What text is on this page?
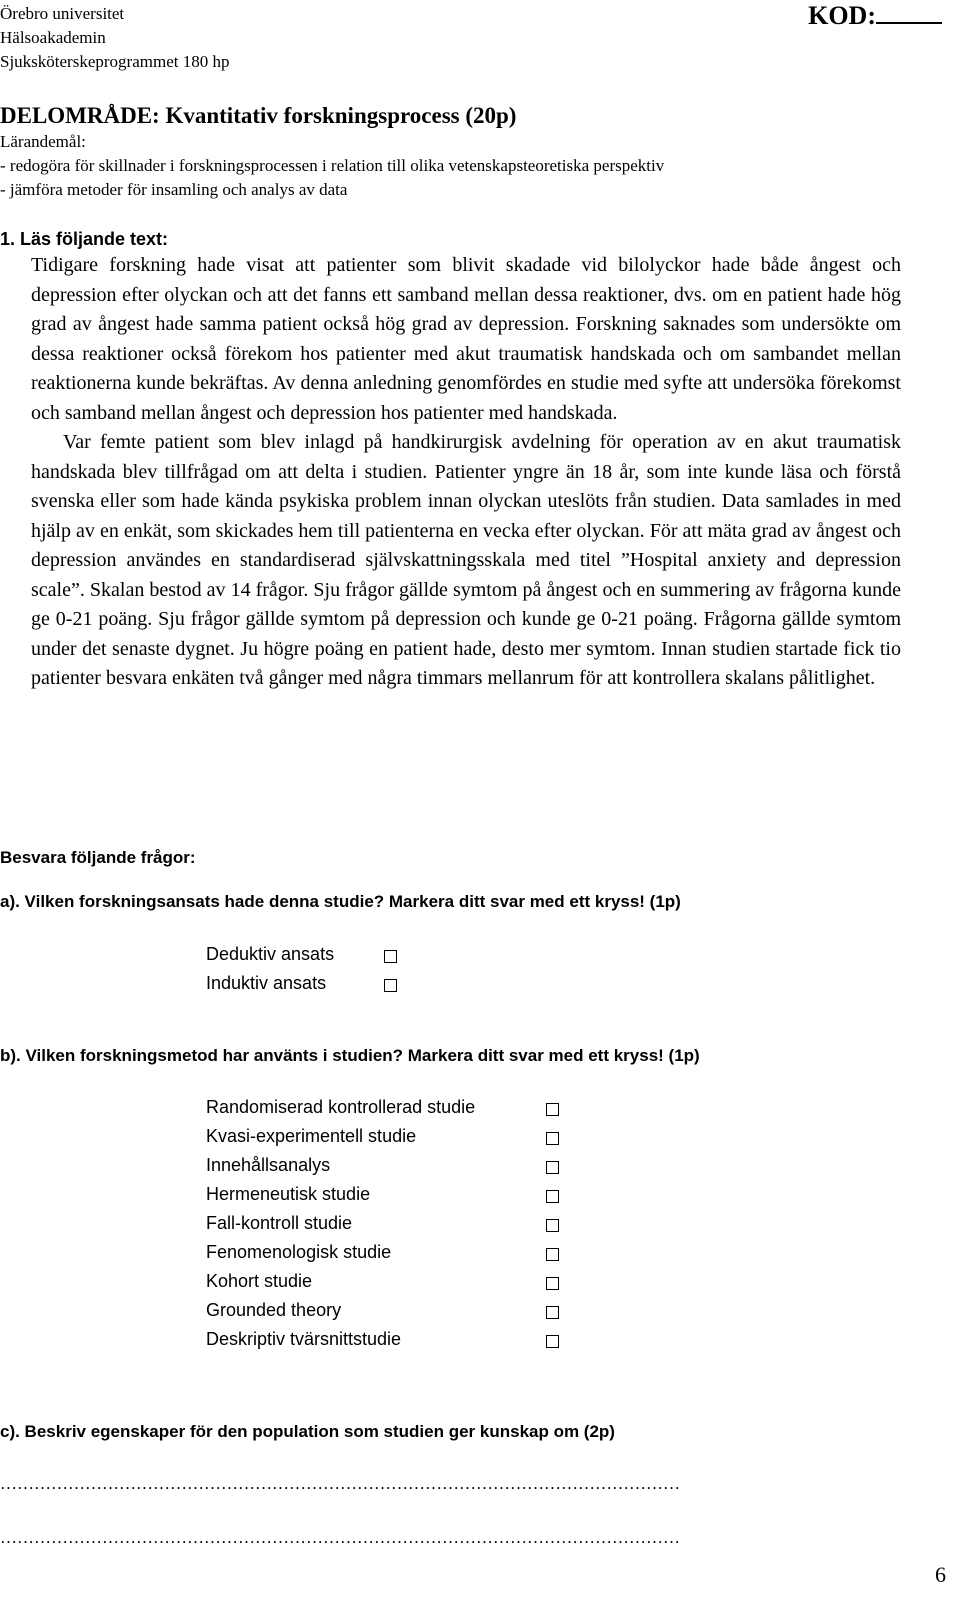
Örebro universitet
Hälsoakademin
Sjuksköterskeprogrammet 180 hp
KOD:
DELOMRÅDE: Kvantitativ forskningsprocess (20p)
Lärandemål:
- redogöra för skillnader i forskningsprocessen i relation till olika vetenskapsteoretiska perspektiv
- jämföra metoder för insamling och analys av data
1. Läs följande text:

Tidigare forskning hade visat att patienter som blivit skadade vid bilolyckor hade både ångest och depression efter olyckan och att det fanns ett samband mellan dessa reaktioner, dvs. om en patient hade hög grad av ångest hade samma patient också hög grad av depression. Forskning saknades som undersökte om dessa reaktioner också förekom hos patienter med akut traumatisk handskada och om sambandet mellan reaktionerna kunde bekräftas. Av denna anledning genomfördes en studie med syfte att undersöka förekomst och samband mellan ångest och depression hos patienter med handskada.

Var femte patient som blev inlagd på handkirurgisk avdelning för operation av en akut traumatisk handskada blev tillfrågad om att delta i studien. Patienter yngre än 18 år, som inte kunde läsa och förstå svenska eller som hade kända psykiska problem innan olyckan uteslöts från studien. Data samlades in med hjälp av en enkät, som skickades hem till patienterna en vecka efter olyckan. För att mäta grad av ångest och depression användes en standardiserad självskattningsskala med titel ”Hospital anxiety and depression scale”. Skalan bestod av 14 frågor. Sju frågor gällde symtom på ångest och en summering av frågorna kunde ge 0-21 poäng. Sju frågor gällde symtom på depression och kunde ge 0-21 poäng. Frågorna gällde symtom under det senaste dygnet. Ju högre poäng en patient hade, desto mer symtom. Innan studien startade fick tio patienter besvara enkäten två gånger med några timmars mellanrum för att kontrollera skalans pålitlighet.

Besvara följande frågor:
a). Vilken forskningsansats hade denna studie? Markera ditt svar med ett kryss! (1p)
Deduktiv ansats
Induktiv ansats
b). Vilken forskningsmetod har använts i studien? Markera ditt svar med ett kryss! (1p)
Randomiserad kontrollerad studie
Kvasi-experimentell studie
Innehållsanalys
Hermeneutisk studie
Fall-kontroll studie
Fenomenologisk studie
Kohort studie
Grounded theory
Deskriptiv tvärsnittstudie
c). Beskriv egenskaper för den population som studien ger kunskap om (2p)
…………………………………………………………………………………………………………
…………………………………………………………………………………………………………
6
